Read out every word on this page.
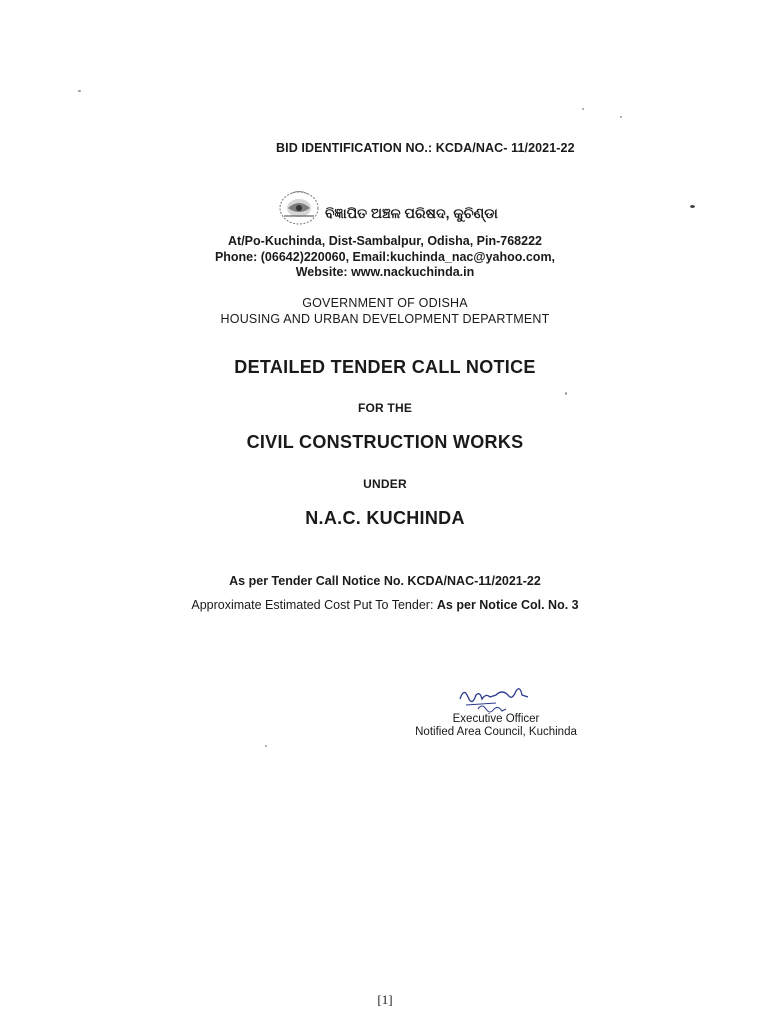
BID IDENTIFICATION NO.: KCDA/NAC- 11/2021-22
ବିଜ୍ଞାପିତ ଅଞ୍ଚଳ ପରିଷଦ, କୁଚିଣ୍ଡା
At/Po-Kuchinda, Dist-Sambalpur, Odisha, Pin-768222
Phone: (06642)220060, Email:kuchinda_nac@yahoo.com,
Website: www.nackuchinda.in
GOVERNMENT OF ODISHA
HOUSING AND URBAN DEVELOPMENT DEPARTMENT
DETAILED TENDER CALL NOTICE
FOR THE
CIVIL CONSTRUCTION WORKS
UNDER
N.A.C. KUCHINDA
As per Tender Call Notice No. KCDA/NAC-11/2021-22
Approximate Estimated Cost Put To Tender: As per Notice Col. No. 3
Executive Officer
Notified Area Council, Kuchinda
[1]
